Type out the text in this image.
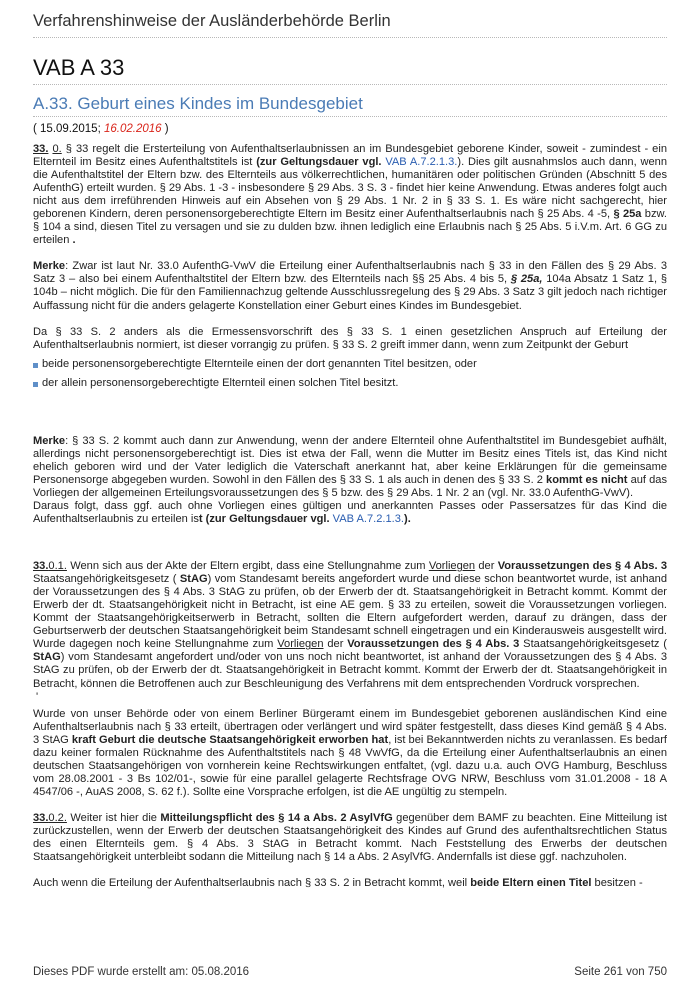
Verfahrenshinweise der Ausländerbehörde Berlin
VAB A 33
A.33. Geburt eines Kindes im Bundesgebiet
( 15.09.2015; 16.02.2016 )

33. 0. § 33 regelt die Ersterteilung von Aufenthaltserlaubnissen an im Bundesgebiet geborene Kinder, soweit - zumindest - ein Elternteil im Besitz eines Aufenthaltstitels ist (zur Geltungsdauer vgl. VAB A.7.2.1.3.). Dies gilt ausnahmslos auch dann, wenn die Aufenthaltstitel der Eltern bzw. des Elternteils aus völkerrechtlichen, humanitären oder politischen Gründen (Abschnitt 5 des AufenthG) erteilt wurden. § 29 Abs. 1 -3 - insbesondere § 29 Abs. 3 S. 3 - findet hier keine Anwendung. Etwas anderes folgt auch nicht aus dem irreführenden Hinweis auf ein Absehen von § 29 Abs. 1 Nr. 2 in § 33 S. 1. Es wäre nicht sachgerecht, hier geborenen Kindern, deren personensorgeberechtigte Eltern im Besitz einer Aufenthaltserlaubnis nach § 25 Abs. 4 -5, § 25a bzw. § 104 a sind, diesen Titel zu versagen und sie zu dulden bzw. ihnen lediglich eine Erlaubnis nach § 25 Abs. 5 i.V.m. Art. 6 GG zu erteilen .

Merke: Zwar ist laut Nr. 33.0 AufenthG-VwV die Erteilung einer Aufenthaltserlaubnis nach § 33 in den Fällen des § 29 Abs. 3 Satz 3 – also bei einem Aufenthaltstitel der Eltern bzw. des Elternteils nach §§ 25 Abs. 4 bis 5, § 25a, 104a Absatz 1 Satz 1, § 104b – nicht möglich. Die für den Familiennachzug geltende Ausschlussregelung des § 29 Abs. 3 Satz 3 gilt jedoch nach richtiger Auffassung nicht für die anders gelagerte Konstellation einer Geburt eines Kindes im Bundesgebiet.

Da § 33 S. 2 anders als die Ermessensvorschrift des § 33 S. 1 einen gesetzlichen Anspruch auf Erteilung der Aufenthaltserlaubnis normiert, ist dieser vorrangig zu prüfen. § 33 S. 2 greift immer dann, wenn zum Zeitpunkt der Geburt

beide personensorgeberechtigte Elternteile einen der dort genannten Titel besitzen, oder
der allein personensorgeberechtigte Elternteil einen solchen Titel besitzt.

Merke: § 33 S. 2 kommt auch dann zur Anwendung, wenn der andere Elternteil ohne Aufenthaltstitel im Bundesgebiet aufhält, allerdings nicht personensorgeberechtigt ist. Dies ist etwa der Fall, wenn die Mutter im Besitz eines Titels ist, das Kind nicht ehelich geboren wird und der Vater lediglich die Vaterschaft anerkannt hat, aber keine Erklärungen für die gemeinsame Personensorge abgegeben wurden. Sowohl in den Fällen des § 33 S. 1 als auch in denen des § 33 S. 2 kommt es nicht auf das Vorliegen der allgemeinen Erteilungsvoraussetzungen des § 5 bzw. des § 29 Abs. 1 Nr. 2 an (vgl. Nr. 33.0 AufenthG-VwV).
Daraus folgt, dass ggf. auch ohne Vorliegen eines gültigen und anerkannten Passes oder Passersatzes für das Kind die Aufenthaltserlaubnis zu erteilen ist (zur Geltungsdauer vgl. VAB A.7.2.1.3.).

33.0.1. Wenn sich aus der Akte der Eltern ergibt, dass eine Stellungnahme zum Vorliegen der Voraussetzungen des § 4 Abs. 3 Staatsangehörigkeitsgesetz ( StAG) vom Standesamt bereits angefordert wurde und diese schon beantwortet wurde, ist anhand der Voraussetzungen des § 4 Abs. 3 StAG zu prüfen, ob der Erwerb der dt. Staatsangehörigkeit in Betracht kommt. Kommt der Erwerb der dt. Staatsangehörigkeit nicht in Betracht, ist eine AE gem. § 33 zu erteilen, soweit die Voraussetzungen vorliegen. Kommt der Staatsangehörigkeitserwerb in Betracht, sollten die Eltern aufgefordert werden, darauf zu drängen, dass der Geburtserwerb der deutschen Staatsangehörigkeit beim Standesamt schnell eingetragen und ein Kinderausweis ausgestellt wird. Wurde dagegen noch keine Stellungnahme zum Vorliegen der Voraussetzungen des § 4 Abs. 3 Staatsangehörigkeitsgesetz ( StAG) vom Standesamt angefordert und/oder von uns noch nicht beantwortet, ist anhand der Voraussetzungen des § 4 Abs. 3 StAG zu prüfen, ob der Erwerb der dt. Staatsangehörigkeit in Betracht kommt. Kommt der Erwerb der dt. Staatsangehörigkeit in Betracht, können die Betroffenen auch zur Beschleunigung des Verfahrens mit dem entsprechenden Vordruck vorsprechen.
'

Wurde von unser Behörde oder von einem Berliner Bürgeramt einem im Bundesgebiet geborenen ausländischen Kind eine Aufenthaltserlaubnis nach § 33 erteilt, übertragen oder verlängert und wird später festgestellt, dass dieses Kind gemäß § 4 Abs. 3 StAG kraft Geburt die deutsche Staatsangehörigkeit erworben hat, ist bei Bekanntwerden nichts zu veranlassen. Es bedarf dazu keiner formalen Rücknahme des Aufenthaltstitels nach § 48 VwVfG, da die Erteilung einer Aufenthaltserlaubnis an einen deutschen Staatsangehörigen von vornherein keine Rechtswirkungen entfaltet, (vgl. dazu u.a. auch OVG Hamburg, Beschluss vom 28.08.2001 - 3 Bs 102/01-, sowie für eine parallel gelagerte Rechtsfrage OVG NRW, Beschluss vom 31.01.2008 - 18 A 4547/06 -, AuAS 2008, S. 62 f.). Sollte eine Vorsprache erfolgen, ist die AE ungültig zu stempeln.

33.0.2. Weiter ist hier die Mitteilungspflicht des § 14 a Abs. 2 AsylVfG gegenüber dem BAMF zu beachten. Eine Mitteilung ist zurückzustellen, wenn der Erwerb der deutschen Staatsangehörigkeit des Kindes auf Grund des aufenthaltsrechtlichen Status des einen Elternteils gem. § 4 Abs. 3 StAG in Betracht kommt. Nach Feststellung des Erwerbs der deutschen Staatsangehörigkeit unterbleibt sodann die Mitteilung nach § 14 a Abs. 2 AsylVfG. Andernfalls ist diese ggf. nachzuholen.

Auch wenn die Erteilung der Aufenthaltserlaubnis nach § 33 S. 2 in Betracht kommt, weil beide Eltern einen Titel besitzen -

Dieses PDF wurde erstellt am: 05.08.2016	Seite 261 von 750
